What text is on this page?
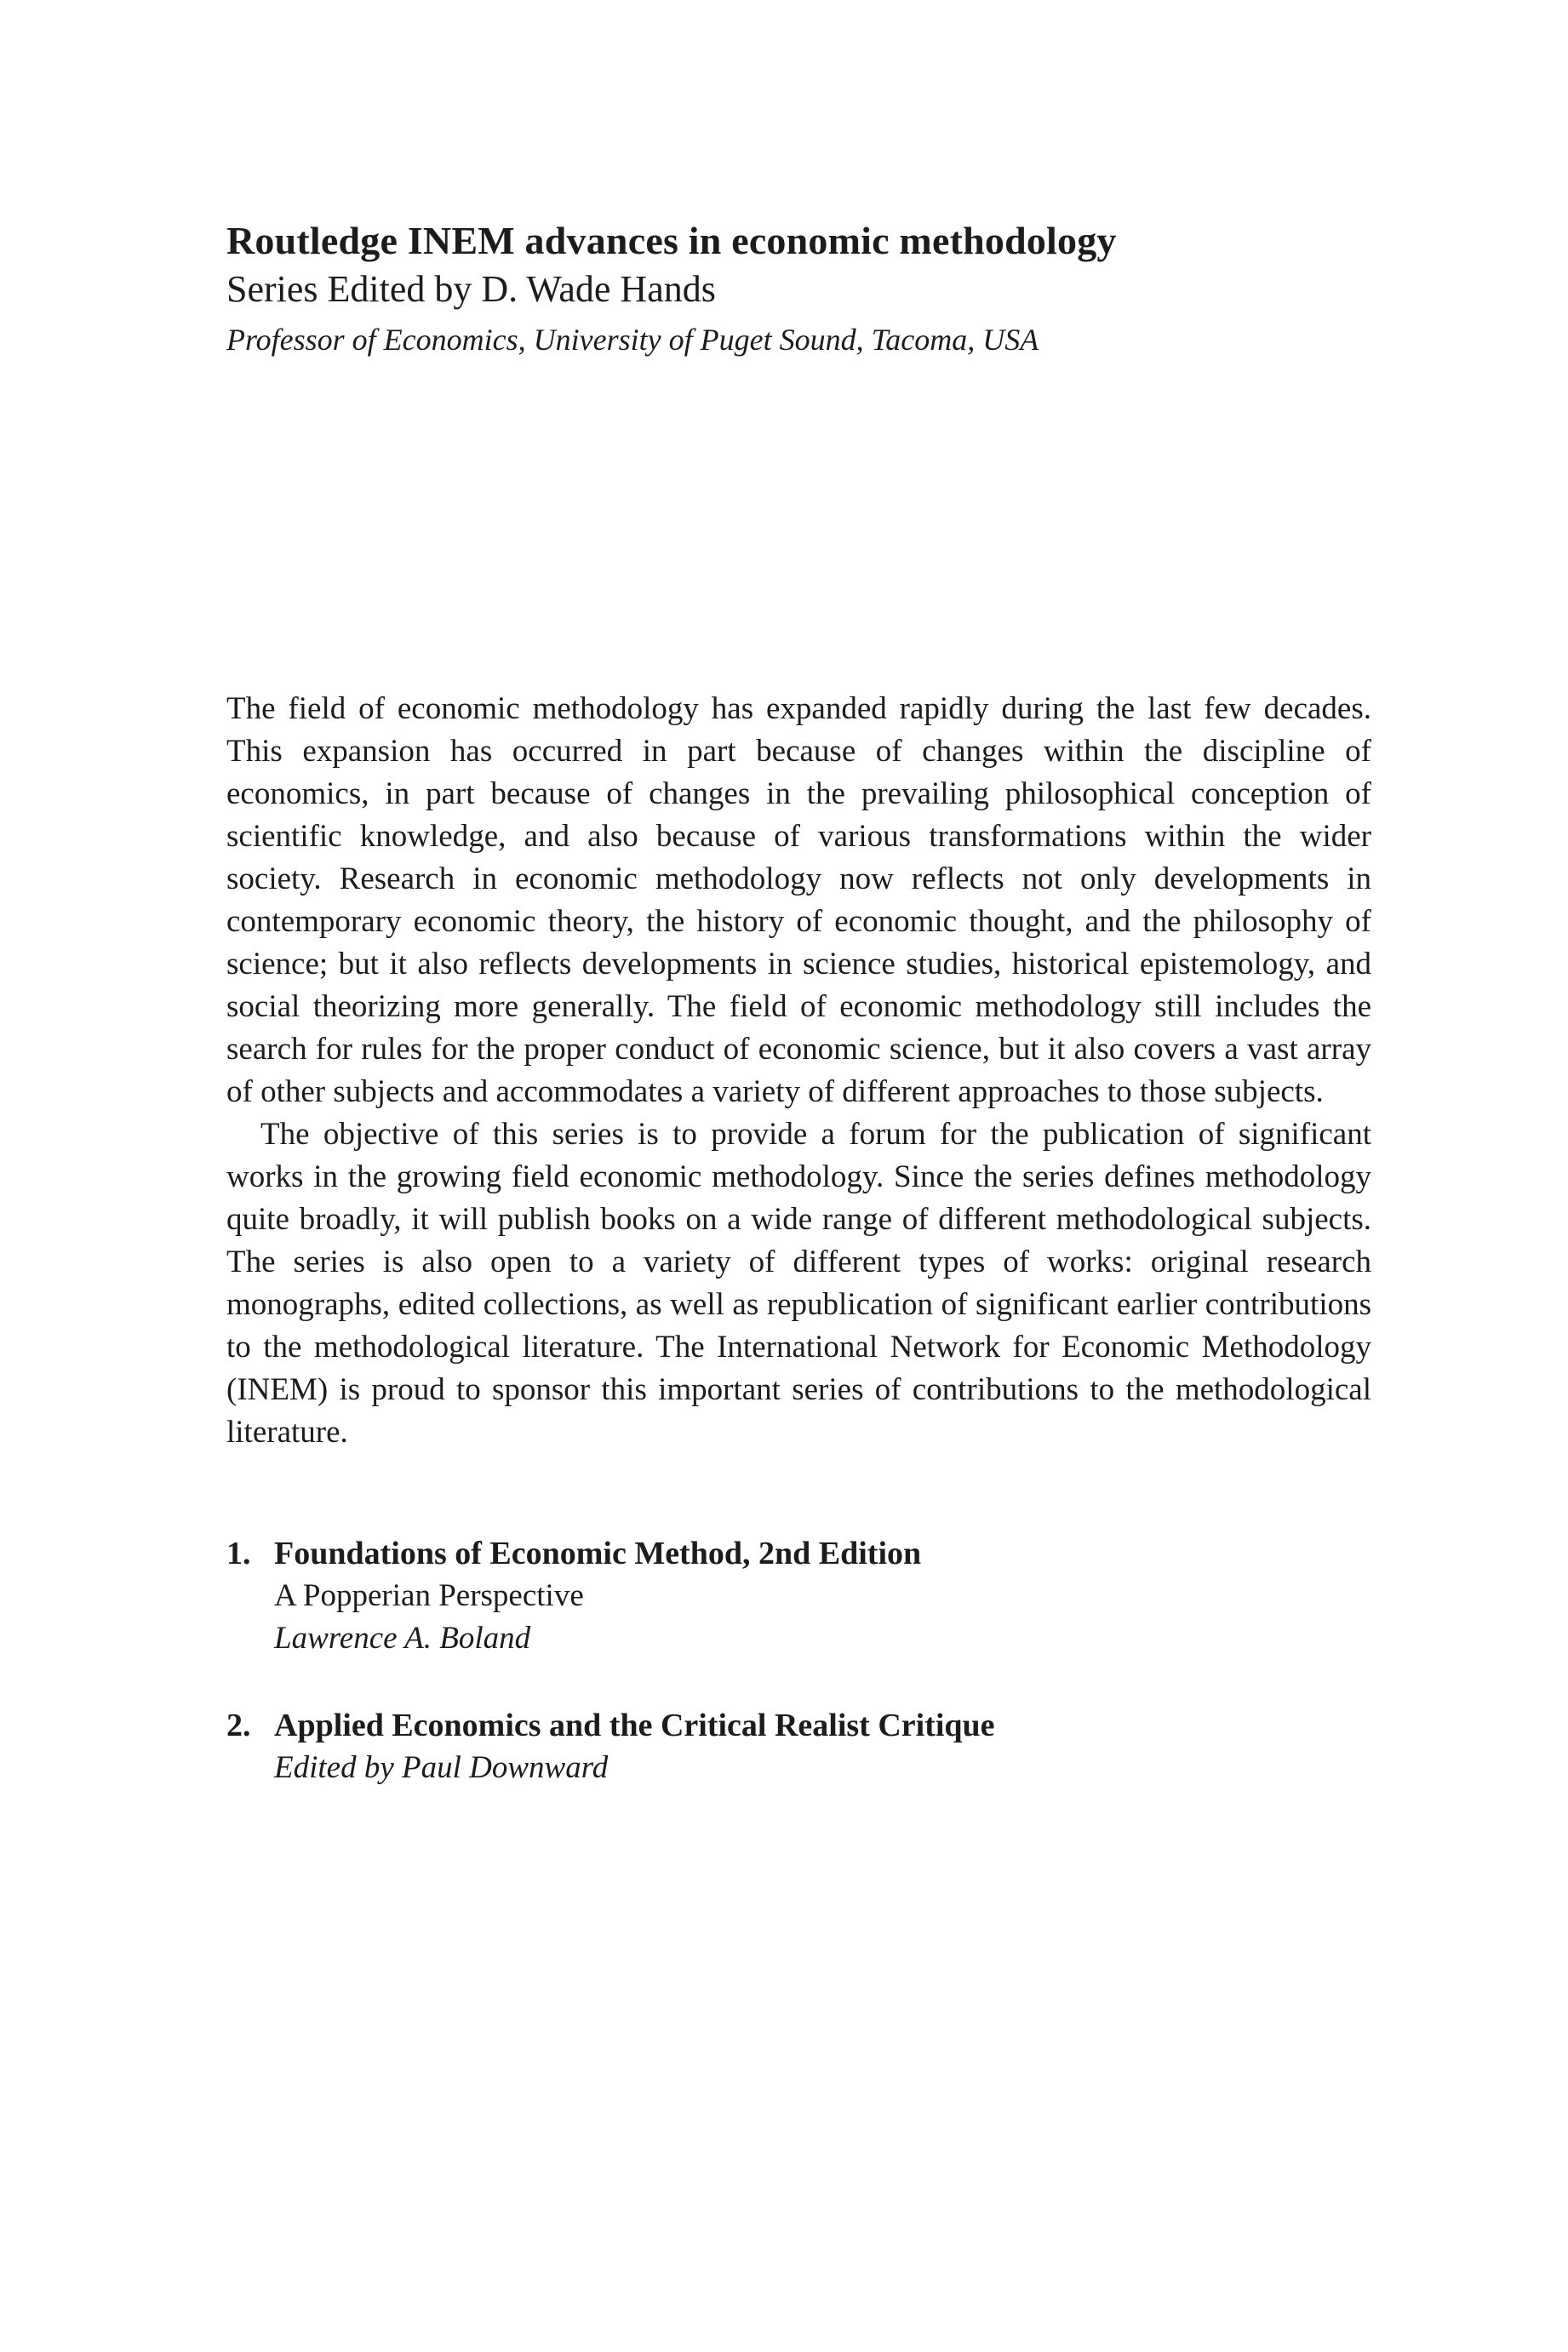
Routledge INEM advances in economic methodology

Series Edited by D. Wade Hands

Professor of Economics, University of Puget Sound, Tacoma, USA

The field of economic methodology has expanded rapidly during the last few decades. This expansion has occurred in part because of changes within the discipline of economics, in part because of changes in the prevailing philosophical conception of scientific knowledge, and also because of various transformations within the wider society. Research in economic methodology now reflects not only developments in contemporary economic theory, the history of economic thought, and the philosophy of science; but it also reflects developments in science studies, historical epistemology, and social theorizing more generally. The field of economic methodology still includes the search for rules for the proper conduct of economic science, but it also covers a vast array of other subjects and accommodates a variety of different approaches to those subjects.

The objective of this series is to provide a forum for the publication of significant works in the growing field economic methodology. Since the series defines methodology quite broadly, it will publish books on a wide range of different methodological subjects. The series is also open to a variety of different types of works: original research monographs, edited collections, as well as republication of significant earlier contributions to the methodological literature. The International Network for Economic Methodology (INEM) is proud to sponsor this important series of contributions to the methodological literature.

1. Foundations of Economic Method, 2nd Edition
A Popperian Perspective
Lawrence A. Boland
2. Applied Economics and the Critical Realist Critique
Edited by Paul Downward
